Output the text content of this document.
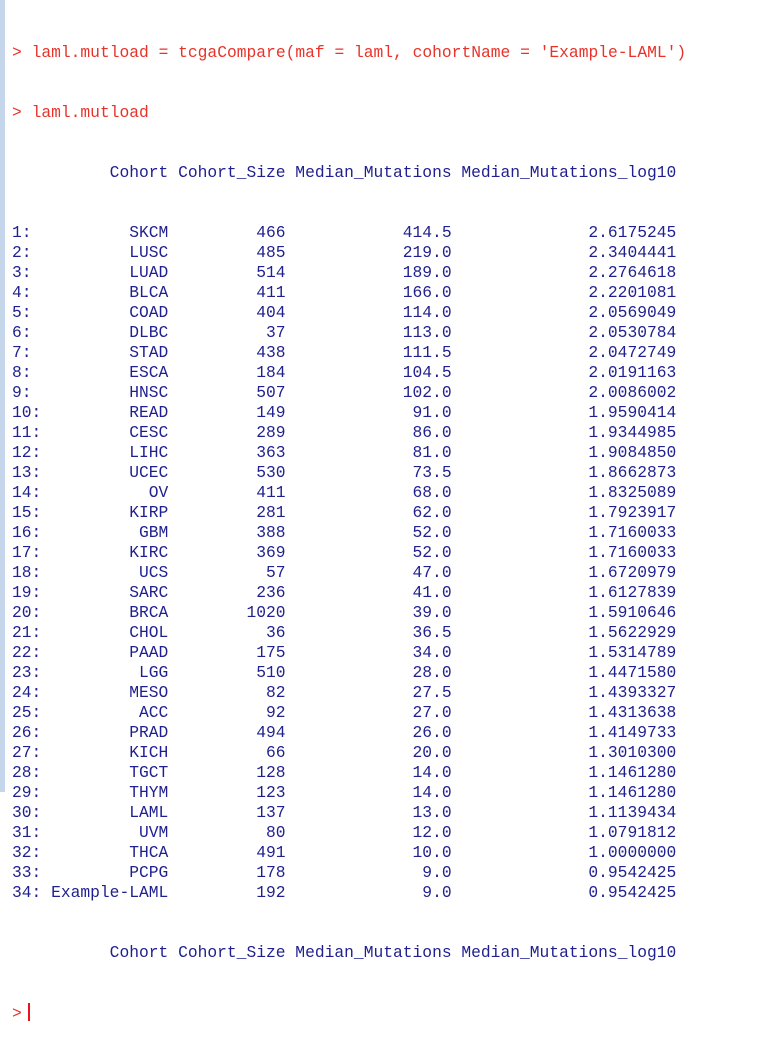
> laml.mutload = tcgaCompare(maf = laml, cohortName = 'Example-LAML')

> laml.mutload

Cohort Cohort_Size Median_Mutations Median_Mutations_log10

1:	SKCM	466	414.5	2.6175245
2:	LUSC	485	219.0	2.3404441
3:	LUAD	514	189.0	2.2764618
4:	BLCA	411	166.0	2.2201081
5:	COAD	404	114.0	2.0569049
6:	DLBC	37	113.0	2.0530784
7:	STAD	438	111.5	2.0472749
8:	ESCA	184	104.5	2.0191163
9:	HNSC	507	102.0	2.0086002
10:	READ	149	91.0	1.9590414
11:	CESC	289	86.0	1.9344985
12:	LIHC	363	81.0	1.9084850
13:	UCEC	530	73.5	1.8662873
14:	OV	411	68.0	1.8325089
15:	KIRP	281	62.0	1.7923917
16:	GBM	388	52.0	1.7160033
17:	KIRC	369	52.0	1.7160033
18:	UCS	57	47.0	1.6720979
19:	SARC	236	41.0	1.6127839
20:	BRCA	1020	39.0	1.5910646
21:	CHOL	36	36.5	1.5622929
22:	PAAD	175	34.0	1.5314789
23:	LGG	510	28.0	1.4471580
24:	MESO	82	27.5	1.4393327
25:	ACC	92	27.0	1.4313638
26:	PRAD	494	26.0	1.4149733
27:	KICH	66	20.0	1.3010300
28:	TGCT	128	14.0	1.1461280
29:	THYM	123	14.0	1.1461280
30:	LAML	137	13.0	1.1139434
31:	UVM	80	12.0	1.0791812
32:	THCA	491	10.0	1.0000000
33:	PCPG	178	9.0	0.9542425
34: Example-LAML	192	9.0	0.9542425

Cohort Cohort_Size Median_Mutations Median_Mutations_log10

>
